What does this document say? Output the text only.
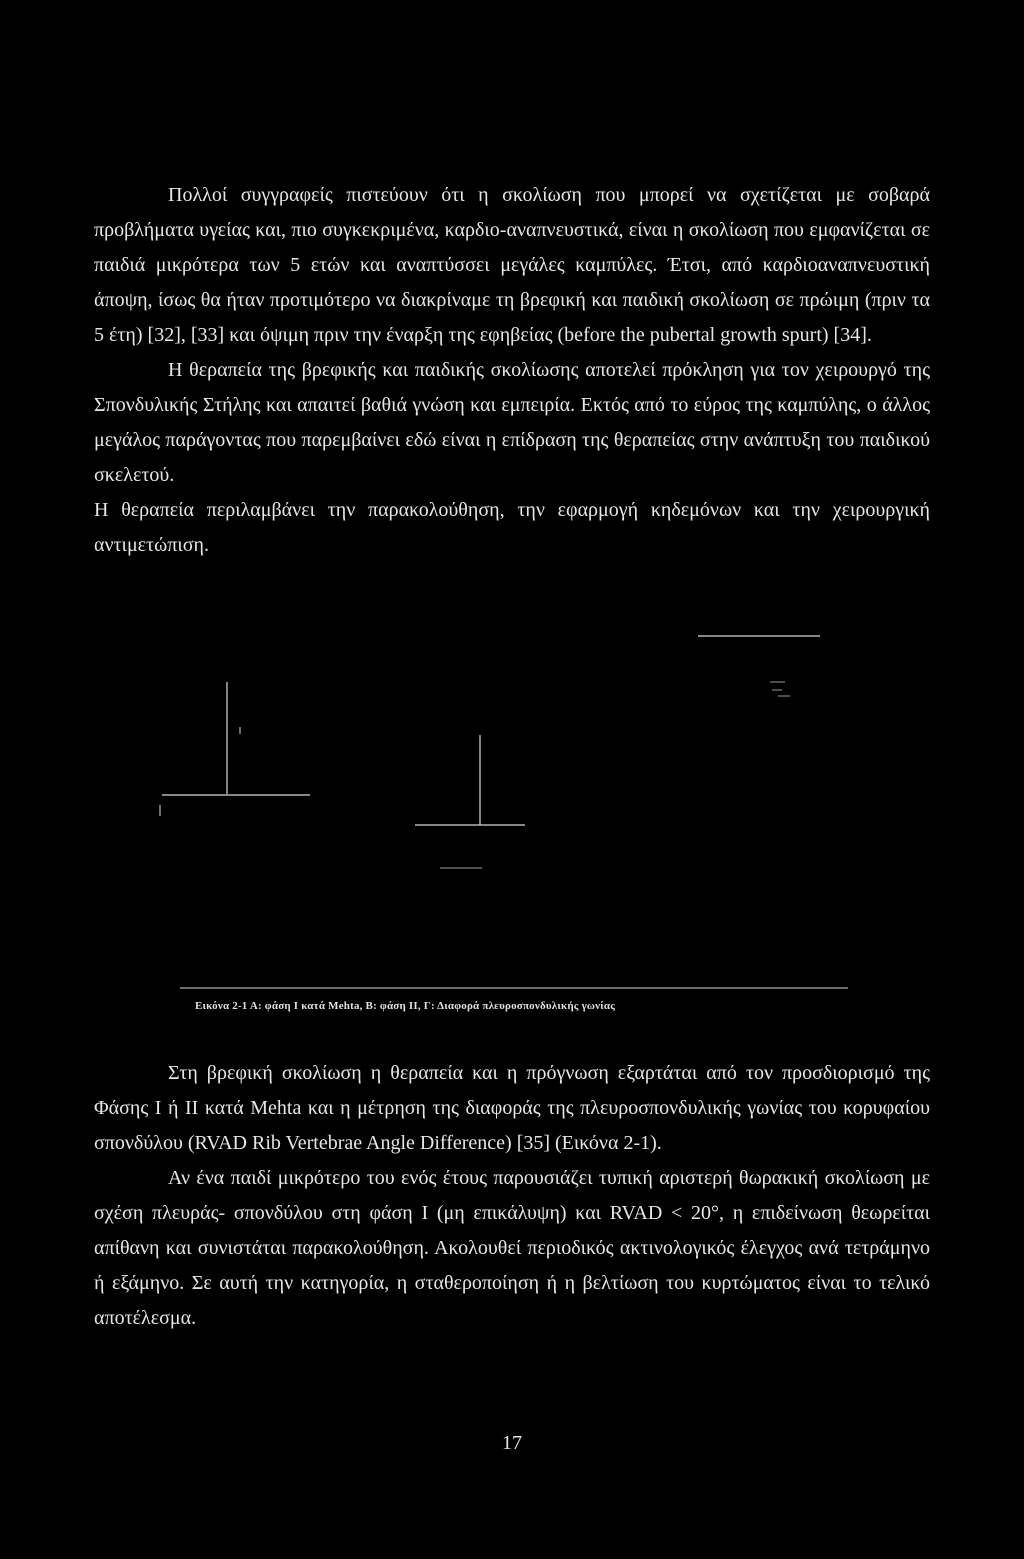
Πολλοί συγγραφείς πιστεύουν ότι η σκολίωση που μπορεί να σχετίζεται με σοβαρά προβλήματα υγείας και, πιο συγκεκριμένα, καρδιο-αναπνευστικά, είναι η σκολίωση που εμφανίζεται σε παιδιά μικρότερα των 5 ετών και αναπτύσσει μεγάλες καμπύλες. Έτσι, από καρδιοαναπνευστική άποψη, ίσως θα ήταν προτιμότερο να διακρίναμε τη βρεφική και παιδική σκολίωση σε πρώιμη (πριν τα 5 έτη) [32], [33] και όψιμη πριν την έναρξη της εφηβείας (before the pubertal growth spurt) [34].

Η θεραπεία της βρεφικής και παιδικής σκολίωσης αποτελεί πρόκληση για τον χειρουργό της Σπονδυλικής Στήλης και απαιτεί βαθιά γνώση και εμπειρία. Εκτός από το εύρος της καμπύλης, ο άλλος μεγάλος παράγοντας που παρεμβαίνει εδώ είναι η επίδραση της θεραπείας στην ανάπτυξη του παιδικού σκελετού.

Η θεραπεία περιλαμβάνει την παρακολούθηση, την εφαρμογή κηδεμόνων και την χειρουργική αντιμετώπιση.

Εικόνα 2-1 Α: φάση I κατά Mehta, Β: φάση II, Γ: Διαφορά πλευροσπονδυλικής γωνίας

Στη βρεφική σκολίωση η θεραπεία και η πρόγνωση εξαρτάται από τον προσδιορισμό της Φάσης I ή II κατά Mehta και η μέτρηση της διαφοράς της πλευροσπονδυλικής γωνίας του κορυφαίου σπονδύλου (RVAD Rib Vertebrae Angle Difference) [35] (Εικόνα 2-1).

Αν ένα παιδί μικρότερο του ενός έτους παρουσιάζει τυπική αριστερή θωρακική σκολίωση με σχέση πλευράς- σπονδύλου στη φάση I (μη επικάλυψη) και RVAD < 20°, η επιδείνωση θεωρείται απίθανη και συνιστάται παρακολούθηση. Ακολουθεί περιοδικός ακτινολογικός έλεγχος ανά τετράμηνο ή εξάμηνο. Σε αυτή την κατηγορία, η σταθεροποίηση ή η βελτίωση του κυρτώματος είναι το τελικό αποτέλεσμα.

17
